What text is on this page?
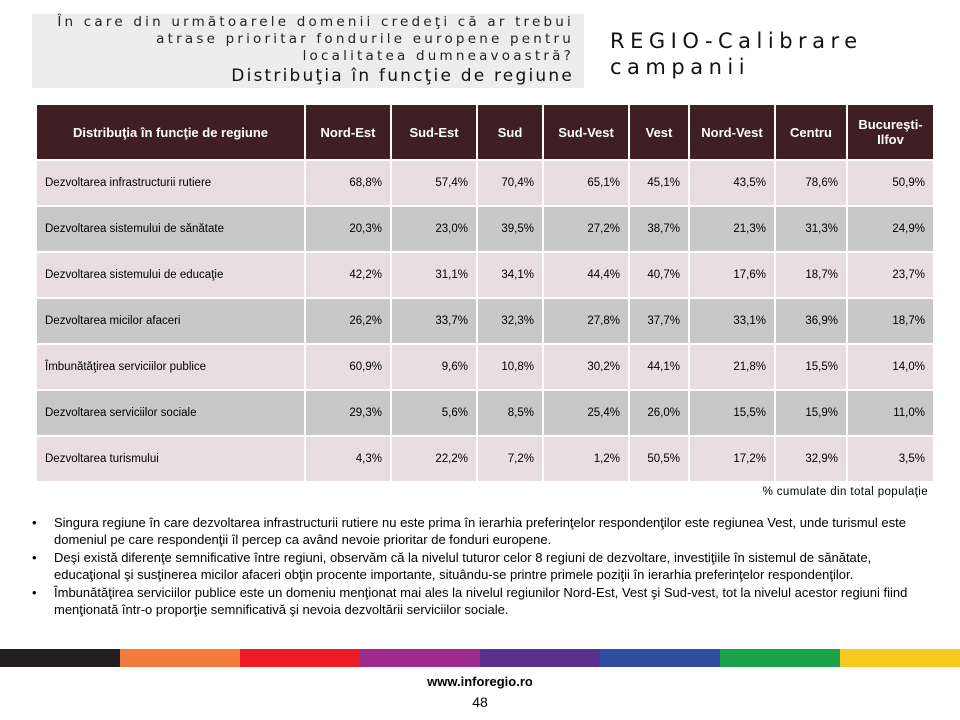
În care din următoarele domenii credeţi că ar trebui atrase prioritar fondurile europene pentru localitatea dumneavoastră?
Distribuţia în funcţie de regiune
REGIO-Calibrare campanii
Distribuţia în funcţie de regiune	Nord-Est	Sud-Est	Sud	Sud-Vest	Vest	Nord-Vest	Centru	Bucureşti-Ilfov
Dezvoltarea infrastructurii rutiere	68,8%	57,4%	70,4%	65,1%	45,1%	43,5%	78,6%	50,9%
Dezvoltarea sistemului de sănătate	20,3%	23,0%	39,5%	27,2%	38,7%	21,3%	31,3%	24,9%
Dezvoltarea sistemului de educaţie	42,2%	31,1%	34,1%	44,4%	40,7%	17,6%	18,7%	23,7%
Dezvoltarea micilor afaceri	26,2%	33,7%	32,3%	27,8%	37,7%	33,1%	36,9%	18,7%
Îmbunătăţirea serviciilor publice	60,9%	9,6%	10,8%	30,2%	44,1%	21,8%	15,5%	14,0%
Dezvoltarea serviciilor sociale	29,3%	5,6%	8,5%	25,4%	26,0%	15,5%	15,9%	11,0%
Dezvoltarea turismului	4,3%	22,2%	7,2%	1,2%	50,5%	17,2%	32,9%	3,5%
% cumulate din total populaţie
• Singura regiune în care dezvoltarea infrastructurii rutiere nu este prima în ierarhia preferinţelor respondenţilor este regiunea Vest, unde turismul este domeniul pe care respondenţii îl percep ca având nevoie prioritar de fonduri europene.
• Deşi există diferenţe semnificative între regiuni, observăm că la nivelul tuturor celor 8 regiuni de dezvoltare, investiţiile în sistemul de sănătate, educaţional şi susţinerea micilor afaceri obţin procente importante, situându-se printre primele poziţii în ierarhia preferinţelor respondenţilor.
• Îmbunătăţirea serviciilor publice este un domeniu menţionat mai ales la nivelul regiunilor Nord-Est, Vest şi Sud-vest, tot la nivelul acestor regiuni fiind menţionată într-o proporţie semnificativă şi nevoia dezvoltării serviciilor sociale.
www.inforegio.ro
48
